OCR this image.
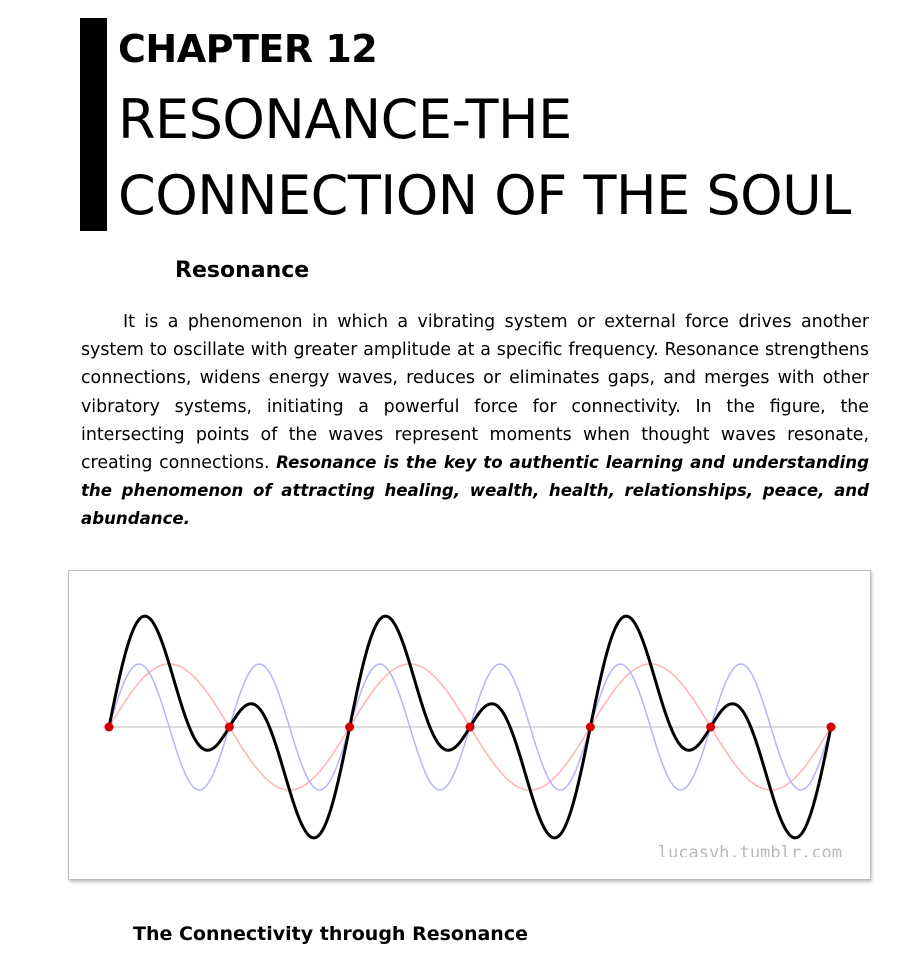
CHAPTER 12
RESONANCE-THE
CONNECTION OF THE SOUL
Resonance

It is a phenomenon in which a vibrating system or external force drives another system to oscillate with greater amplitude at a specific frequency. Resonance strengthens connections, widens energy waves, reduces or eliminates gaps, and merges with other vibratory systems, initiating a powerful force for connectivity. In the figure, the intersecting points of the waves represent moments when thought waves resonate, creating connections. Resonance is the key to authentic learning and understanding the phenomenon of attracting healing, wealth, health, relationships, peace, and abundance.

lucasvh.tumblr.com
The Connectivity through Resonance
